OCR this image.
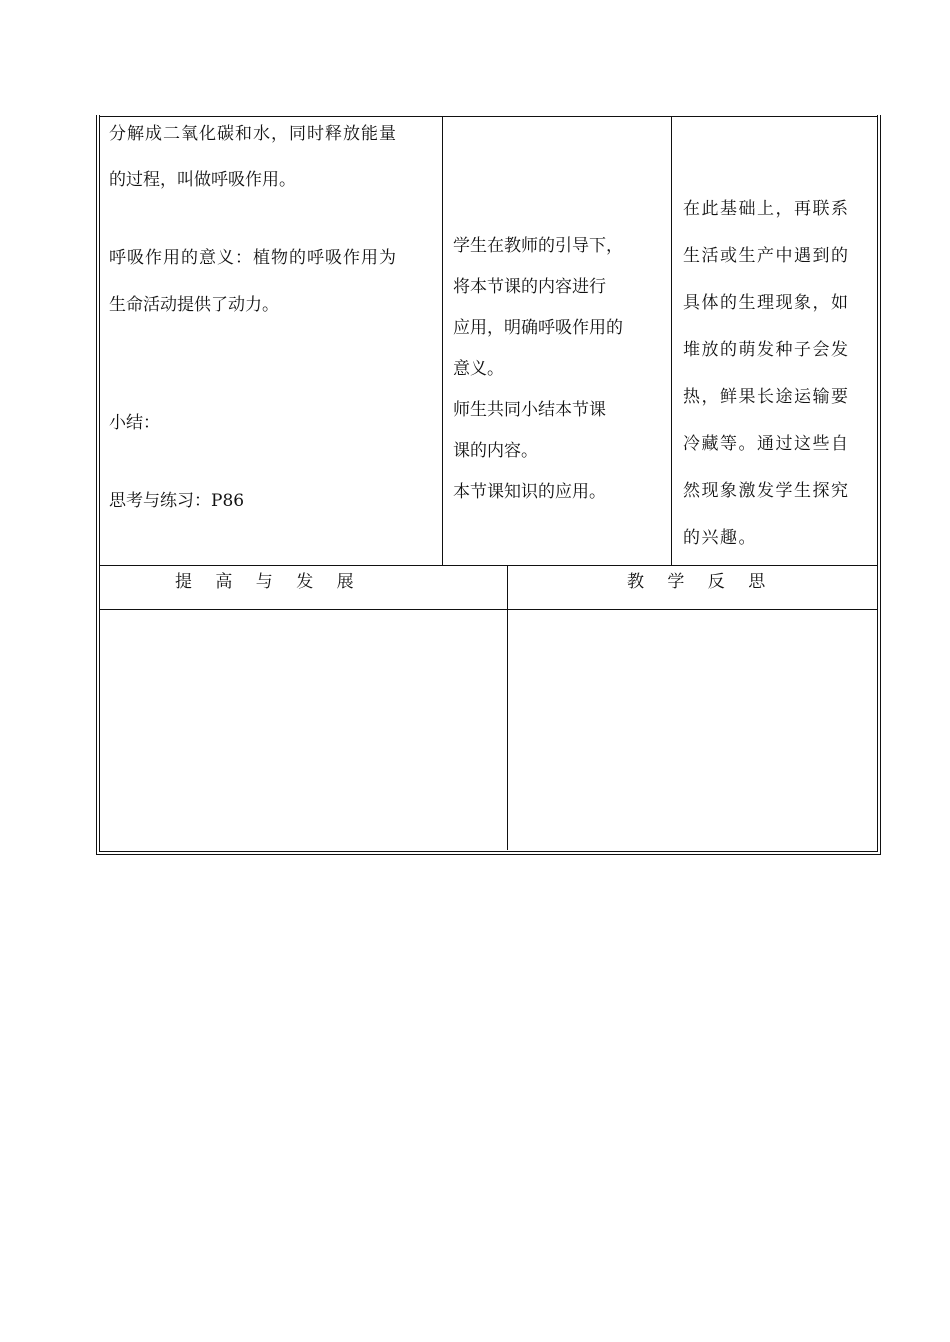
分解成二氧化碳和水，同时释放能量
的过程，叫做呼吸作用。
呼吸作用的意义：植物的呼吸作用为
生命活动提供了动力。
小结：
思考与练习：P86
学生在教师的引导下，
将本节课的内容进行
应用，明确呼吸作用的
意义。
师生共同小结本节课
课的内容。
本节课知识的应用。
在此基础上，再联系
生活或生产中遇到的
具体的生理现象，如
堆放的萌发种子会发
热，鲜果长途运输要
冷藏等。通过这些自
然现象激发学生探究
的兴趣。
提 高 与 发 展	教 学 反 思
